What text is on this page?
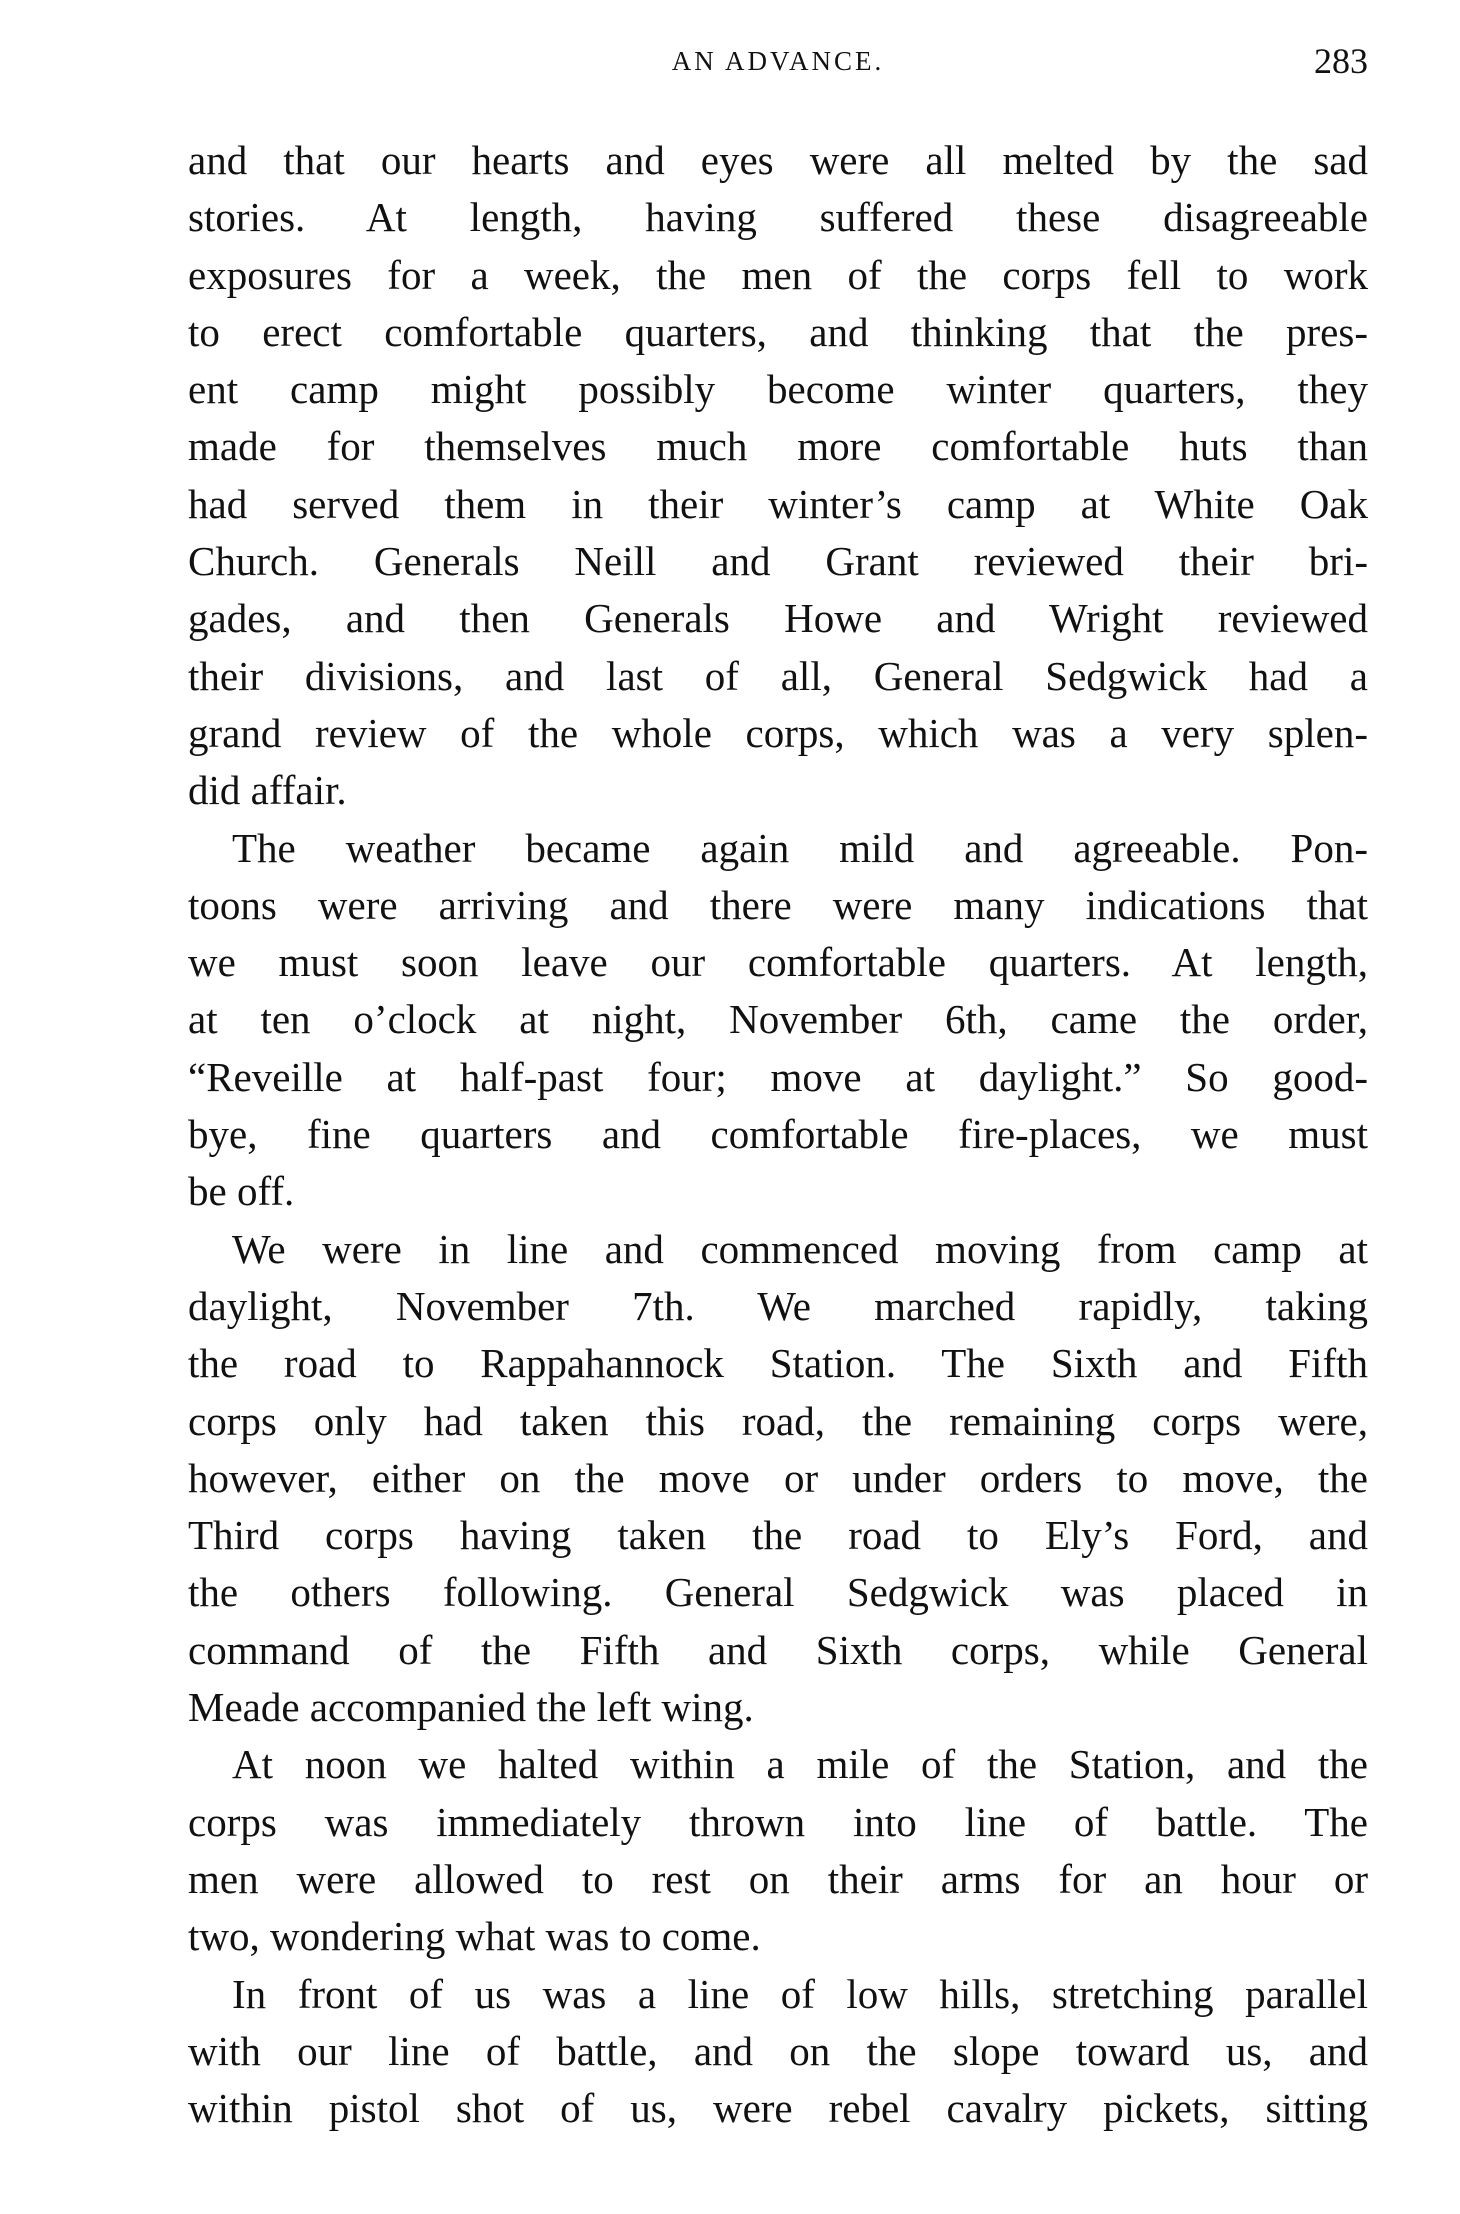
AN ADVANCE.	283
and that our hearts and eyes were all melted by the sad
stories. At length, having suffered these disagreeable
exposures for a week, the men of the corps fell to work
to erect comfortable quarters, and thinking that the pres-
ent camp might possibly become winter quarters, they
made for themselves much more comfortable huts than
had served them in their winter’s camp at White Oak
Church. Generals Neill and Grant reviewed their bri-
gades, and then Generals Howe and Wright reviewed
their divisions, and last of all, General Sedgwick had a
grand review of the whole corps, which was a very splen-
did affair.
The weather became again mild and agreeable. Pon-
toons were arriving and there were many indications that
we must soon leave our comfortable quarters. At length,
at ten o’clock at night, November 6th, came the order,
“Reveille at half-past four; move at daylight.” So good-
bye, fine quarters and comfortable fire-places, we must
be off.
We were in line and commenced moving from camp at
daylight, November 7th. We marched rapidly, taking
the road to Rappahannock Station. The Sixth and Fifth
corps only had taken this road, the remaining corps were,
however, either on the move or under orders to move, the
Third corps having taken the road to Ely’s Ford, and
the others following. General Sedgwick was placed in
command of the Fifth and Sixth corps, while General
Meade accompanied the left wing.
At noon we halted within a mile of the Station, and the
corps was immediately thrown into line of battle. The
men were allowed to rest on their arms for an hour or
two, wondering what was to come.
In front of us was a line of low hills, stretching parallel
with our line of battle, and on the slope toward us, and
within pistol shot of us, were rebel cavalry pickets, sitting
